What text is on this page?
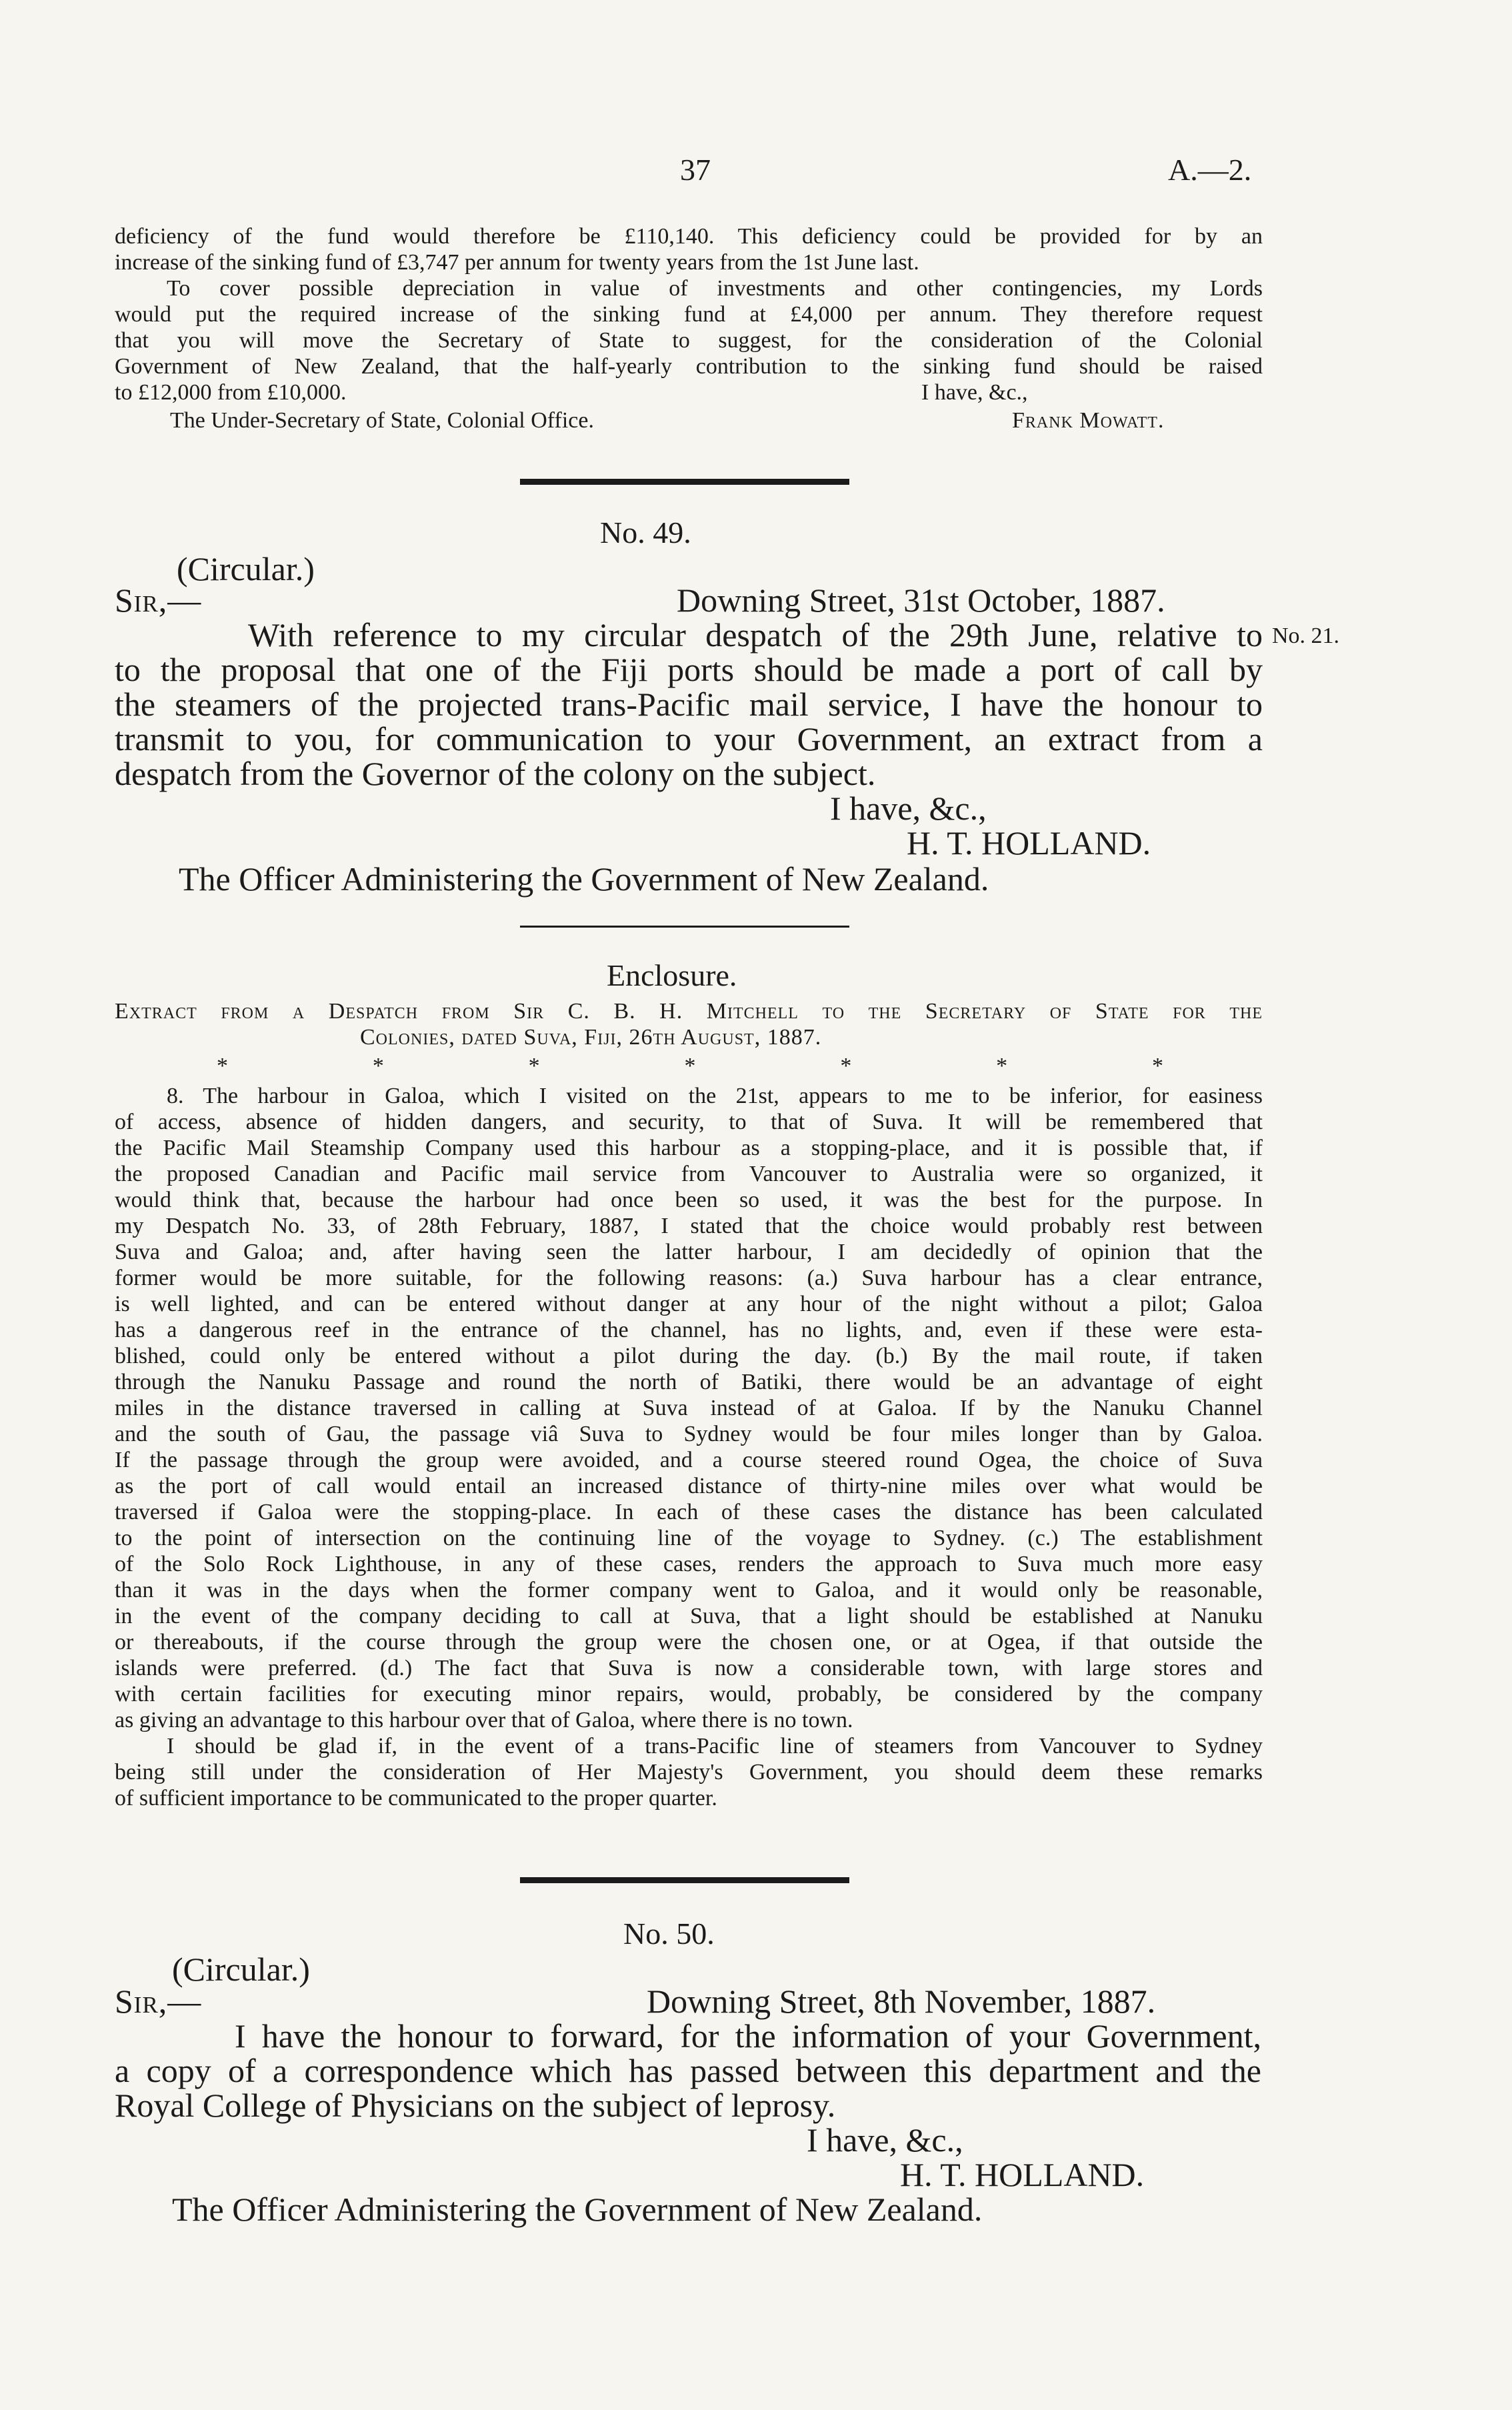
37	A.—2.
deficiency of the fund would therefore be £110,140. This deficiency could be provided for by an
increase of the sinking fund of £3,747 per annum for twenty years from the 1st June last.
To cover possible depreciation in value of investments and other contingencies, my Lords
would put the required increase of the sinking fund at £4,000 per annum. They therefore request
that you will move the Secretary of State to suggest, for the consideration of the Colonial
Government of New Zealand, that the half-yearly contribution to the sinking fund should be raised
to £12,000 from £10,000.	I have, &c.,
The Under-Secretary of State, Colonial Office.	Frank Mowatt.
No. 49.
(Circular.)
Sir,—	Downing Street, 31st October, 1887.
With reference to my circular despatch of the 29th June, relative to No. 21.
to the proposal that one of the Fiji ports should be made a port of call by
the steamers of the projected trans-Pacific mail service, I have the honour to
transmit to you, for communication to your Government, an extract from a
despatch from the Governor of the colony on the subject.
I have, &c.,
H. T. HOLLAND.
The Officer Administering the Government of New Zealand.
Enclosure.
Extract from a Despatch from Sir C. B. H. Mitchell to the Secretary of State for the
Colonies, dated Suva, Fiji, 26th August, 1887.
*	*	*	*	*	*	*
8. The harbour in Galoa, which I visited on the 21st, appears to me to be inferior, for easiness
of access, absence of hidden dangers, and security, to that of Suva. It will be remembered that
the Pacific Mail Steamship Company used this harbour as a stopping-place, and it is possible that, if
the proposed Canadian and Pacific mail service from Vancouver to Australia were so organized, it
would think that, because the harbour had once been so used, it was the best for the purpose. In
my Despatch No. 33, of 28th February, 1887, I stated that the choice would probably rest between
Suva and Galoa; and, after having seen the latter harbour, I am decidedly of opinion that the
former would be more suitable, for the following reasons: (a.) Suva harbour has a clear entrance,
is well lighted, and can be entered without danger at any hour of the night without a pilot; Galoa
has a dangerous reef in the entrance of the channel, has no lights, and, even if these were esta-
blished, could only be entered without a pilot during the day. (b.) By the mail route, if taken
through the Nanuku Passage and round the north of Batiki, there would be an advantage of eight
miles in the distance traversed in calling at Suva instead of at Galoa. If by the Nanuku Channel
and the south of Gau, the passage viâ Suva to Sydney would be four miles longer than by Galoa.
If the passage through the group were avoided, and a course steered round Ogea, the choice of Suva
as the port of call would entail an increased distance of thirty-nine miles over what would be
traversed if Galoa were the stopping-place. In each of these cases the distance has been calculated
to the point of intersection on the continuing line of the voyage to Sydney. (c.) The establishment
of the Solo Rock Lighthouse, in any of these cases, renders the approach to Suva much more easy
than it was in the days when the former company went to Galoa, and it would only be reasonable,
in the event of the company deciding to call at Suva, that a light should be established at Nanuku
or thereabouts, if the course through the group were the chosen one, or at Ogea, if that outside the
islands were preferred. (d.) The fact that Suva is now a considerable town, with large stores and
with certain facilities for executing minor repairs, would, probably, be considered by the company
as giving an advantage to this harbour over that of Galoa, where there is no town.
I should be glad if, in the event of a trans-Pacific line of steamers from Vancouver to Sydney
being still under the consideration of Her Majesty's Government, you should deem these remarks
of sufficient importance to be communicated to the proper quarter.
No. 50.
(Circular.)
Sir,—	Downing Street, 8th November, 1887.
I have the honour to forward, for the information of your Government,
a copy of a correspondence which has passed between this department and the
Royal College of Physicians on the subject of leprosy.
I have, &c.,
H. T. HOLLAND.
The Officer Administering the Government of New Zealand.
